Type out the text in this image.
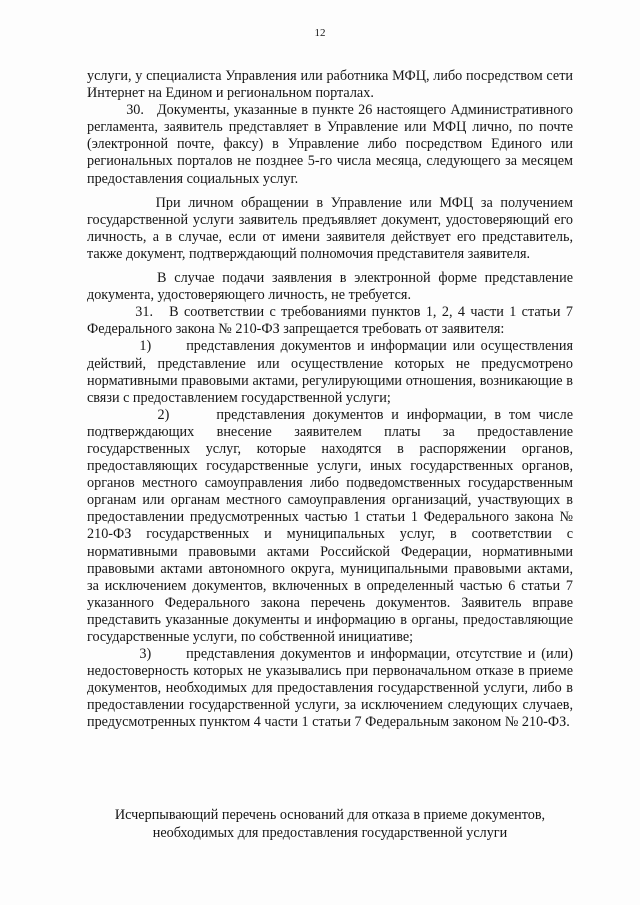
12

услуги, у специалиста Управления или работника МФЦ, либо посредством сети Интернет на Едином и региональном порталах.

30.   Документы, указанные в пункте 26 настоящего Административного регламента, заявитель представляет в Управление или МФЦ лично, по почте (электронной почте, факсу) в Управление либо посредством Единого или региональных порталов не позднее 5-го числа месяца, следующего за месяцем предоставления социальных услуг.

При личном обращении в Управление или МФЦ за получением государственной услуги заявитель предъявляет документ, удостоверяющий его личность, а в случае, если от имени заявителя действует его представитель, также документ, подтверждающий полномочия представителя заявителя.

В случае подачи заявления в электронной форме представление документа, удостоверяющего личность, не требуется.

31.   В соответствии с требованиями пунктов 1, 2, 4 части 1 статьи 7 Федерального закона № 210-ФЗ запрещается требовать от заявителя:

1)      представления документов и информации или осуществления действий, представление или осуществление которых не предусмотрено нормативными правовыми актами, регулирующими отношения, возникающие в связи с предоставлением государственной услуги;

2)      представления документов и информации, в том числе подтверждающих внесение заявителем платы за предоставление государственных услуг, которые находятся в распоряжении органов, предоставляющих государственные услуги, иных государственных органов, органов местного самоуправления либо подведомственных государственным органам или органам местного самоуправления организаций, участвующих в предоставлении предусмотренных частью 1 статьи 1 Федерального закона № 210-ФЗ государственных и муниципальных услуг, в соответствии с нормативными правовыми актами Российской Федерации, нормативными правовыми актами автономного округа, муниципальными правовыми актами, за исключением документов, включенных в определенный частью 6 статьи 7 указанного Федерального закона перечень документов. Заявитель вправе представить указанные документы и информацию в органы, предоставляющие государственные услуги, по собственной инициативе;

3)      представления документов и информации, отсутствие и (или) недостоверность которых не указывались при первоначальном отказе в приеме документов, необходимых для предоставления государственной услуги, либо в предоставлении государственной услуги, за исключением следующих случаев, предусмотренных пунктом 4 части 1 статьи 7 Федеральным законом № 210-ФЗ.

Исчерпывающий перечень оснований для отказа в приеме документов,
необходимых для предоставления государственной услуги
